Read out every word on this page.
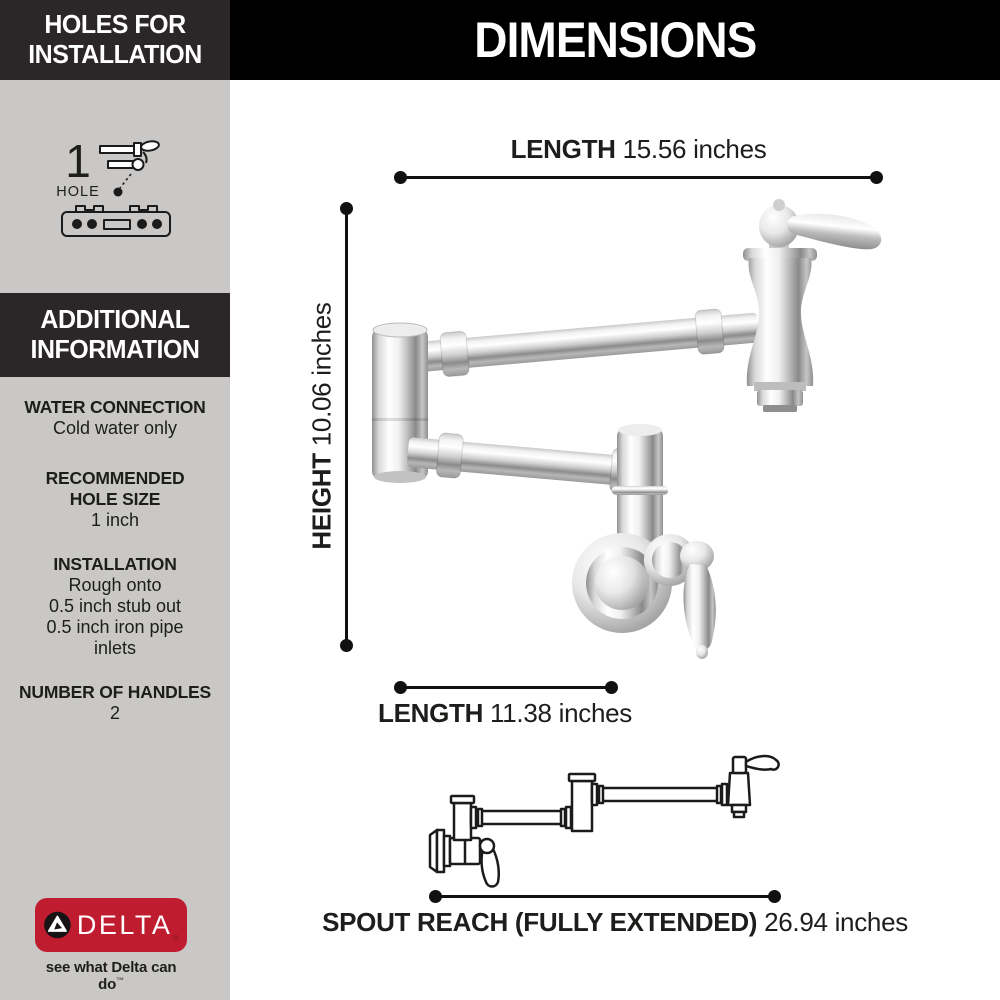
HOLES FOR
INSTALLATION
1
HOLE
ADDITIONAL
INFORMATION
WATER CONNECTION
Cold water only
RECOMMENDED
HOLE SIZE
1 inch
INSTALLATION
Rough onto
0.5 inch stub out
0.5 inch iron pipe
inlets
NUMBER OF HANDLES
2
DELTA ®
see what Delta can do™
DIMENSIONS
LENGTH 15.56 inches
HEIGHT 10.06 inches
LENGTH 11.38 inches
SPOUT REACH (FULLY EXTENDED) 26.94 inches
